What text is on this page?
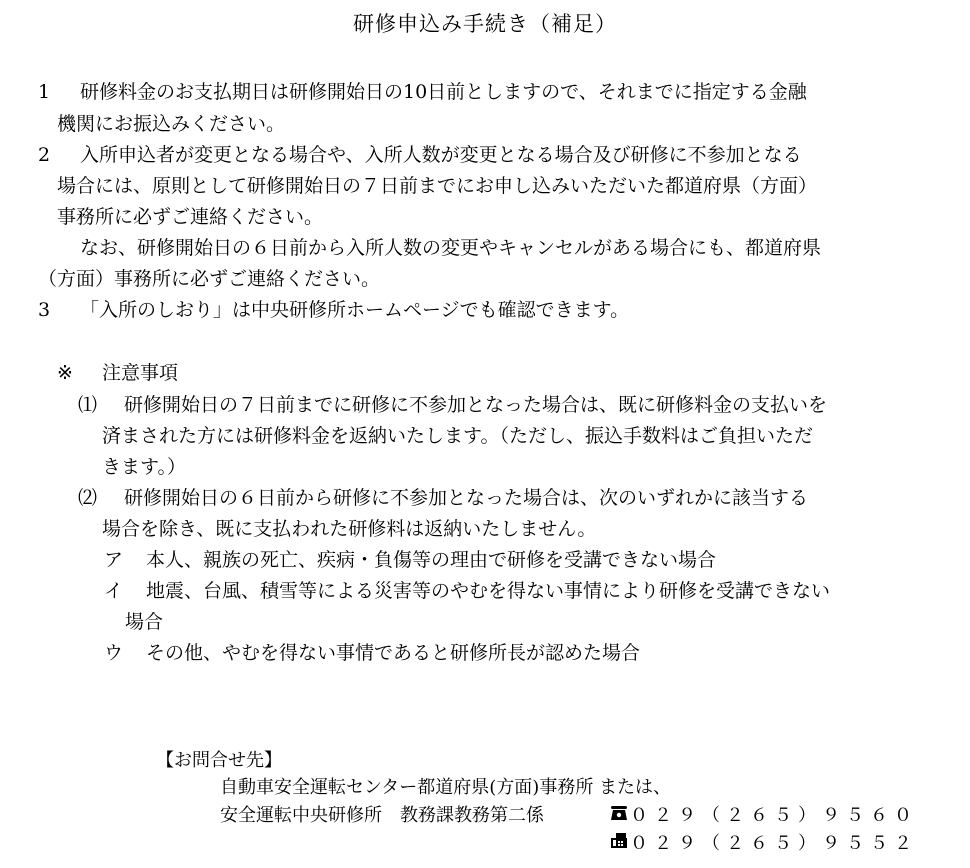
研修申込み手続き（補足）
1 研修料金のお支払期日は研修開始日の10日前としますので、それまでに指定する金融
機関にお振込みください。
2 入所申込者が変更となる場合や、入所人数が変更となる場合及び研修に不参加となる
場合には、原則として研修開始日の７日前までにお申し込みいただいた都道府県（方面）
事務所に必ずご連絡ください。
なお、研修開始日の６日前から入所人数の変更やキャンセルがある場合にも、都道府県
（方面）事務所に必ずご連絡ください。
3 「入所のしおり」は中央研修所ホームページでも確認できます。
※ 注意事項
⑴ 研修開始日の７日前までに研修に不参加となった場合は、既に研修料金の支払いを
済まされた方には研修料金を返納いたします。（ただし、振込手数料はご負担いただ
きます。）
⑵ 研修開始日の６日前から研修に不参加となった場合は、次のいずれかに該当する
場合を除き、既に支払われた研修料は返納いたしません。
ア 本人、親族の死亡、疾病・負傷等の理由で研修を受講できない場合
イ 地震、台風、積雪等による災害等のやむを得ない事情により研修を受講できない
場合
ウ その他、やむを得ない事情であると研修所長が認めた場合
【お問合せ先】
自動車安全運転センター都道府県(方面)事務所 または、
安全運転中央研修所　教務課教務第二係	０２９（２６５）９５６０
０２９（２６５）９５５２
